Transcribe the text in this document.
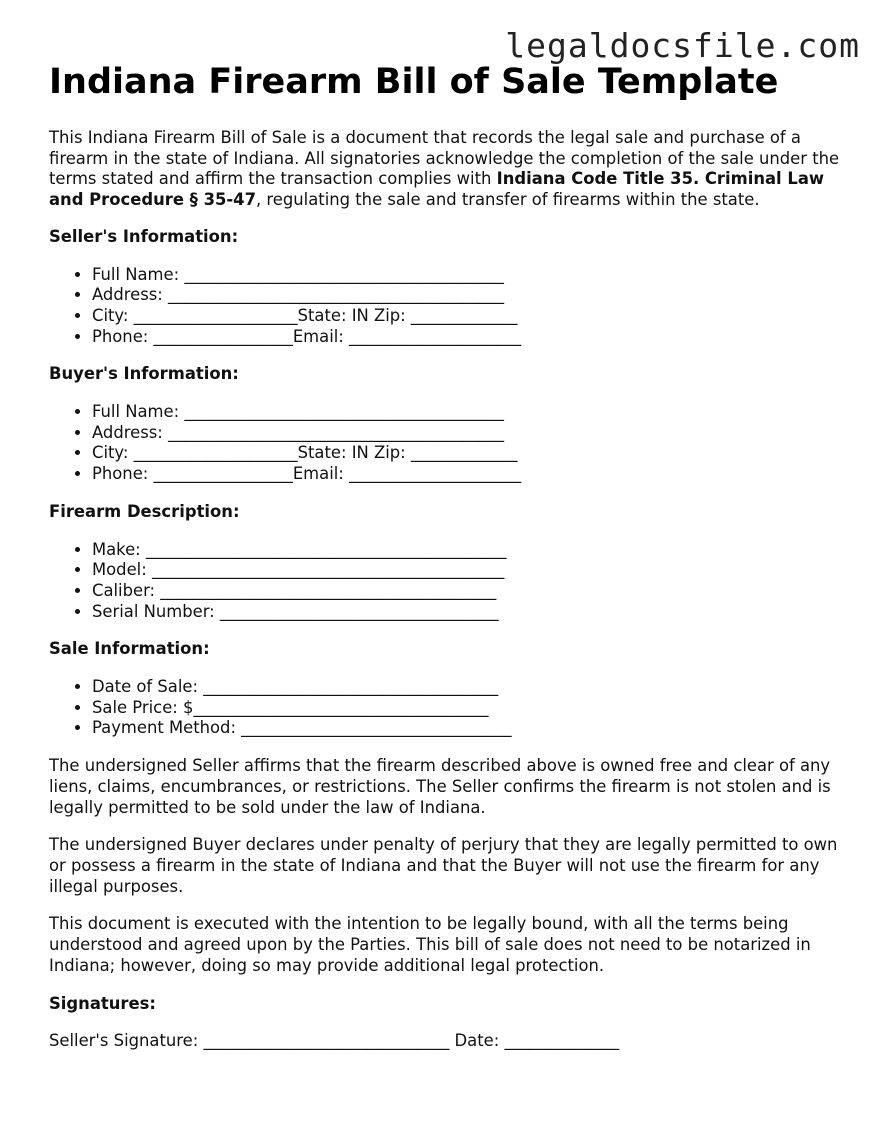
legaldocsfile.com
Indiana Firearm Bill of Sale Template

This Indiana Firearm Bill of Sale is a document that records the legal sale and purchase of a firearm in the state of Indiana. All signatories acknowledge the completion of the sale under the terms stated and affirm the transaction complies with Indiana Code Title 35. Criminal Law and Procedure § 35-47, regulating the sale and transfer of firearms within the state.

Seller's Information:
• Full Name: _______________________________________
• Address: _________________________________________
• City: ____________________State: IN Zip: _____________
• Phone: _________________Email: _____________________
Buyer's Information:
• Full Name: _______________________________________
• Address: _________________________________________
• City: ____________________State: IN Zip: _____________
• Phone: _________________Email: _____________________
Firearm Description:
• Make: ____________________________________________
• Model: ___________________________________________
• Caliber: _________________________________________
• Serial Number: __________________________________
Sale Information:
• Date of Sale: ____________________________________
• Sale Price: $____________________________________
• Payment Method: _________________________________

The undersigned Seller affirms that the firearm described above is owned free and clear of any liens, claims, encumbrances, or restrictions. The Seller confirms the firearm is not stolen and is legally permitted to be sold under the law of Indiana.

The undersigned Buyer declares under penalty of perjury that they are legally permitted to own or possess a firearm in the state of Indiana and that the Buyer will not use the firearm for any illegal purposes.

This document is executed with the intention to be legally bound, with all the terms being understood and agreed upon by the Parties. This bill of sale does not need to be notarized in Indiana; however, doing so may provide additional legal protection.

Signatures:

Seller's Signature: ______________________________ Date: ______________
